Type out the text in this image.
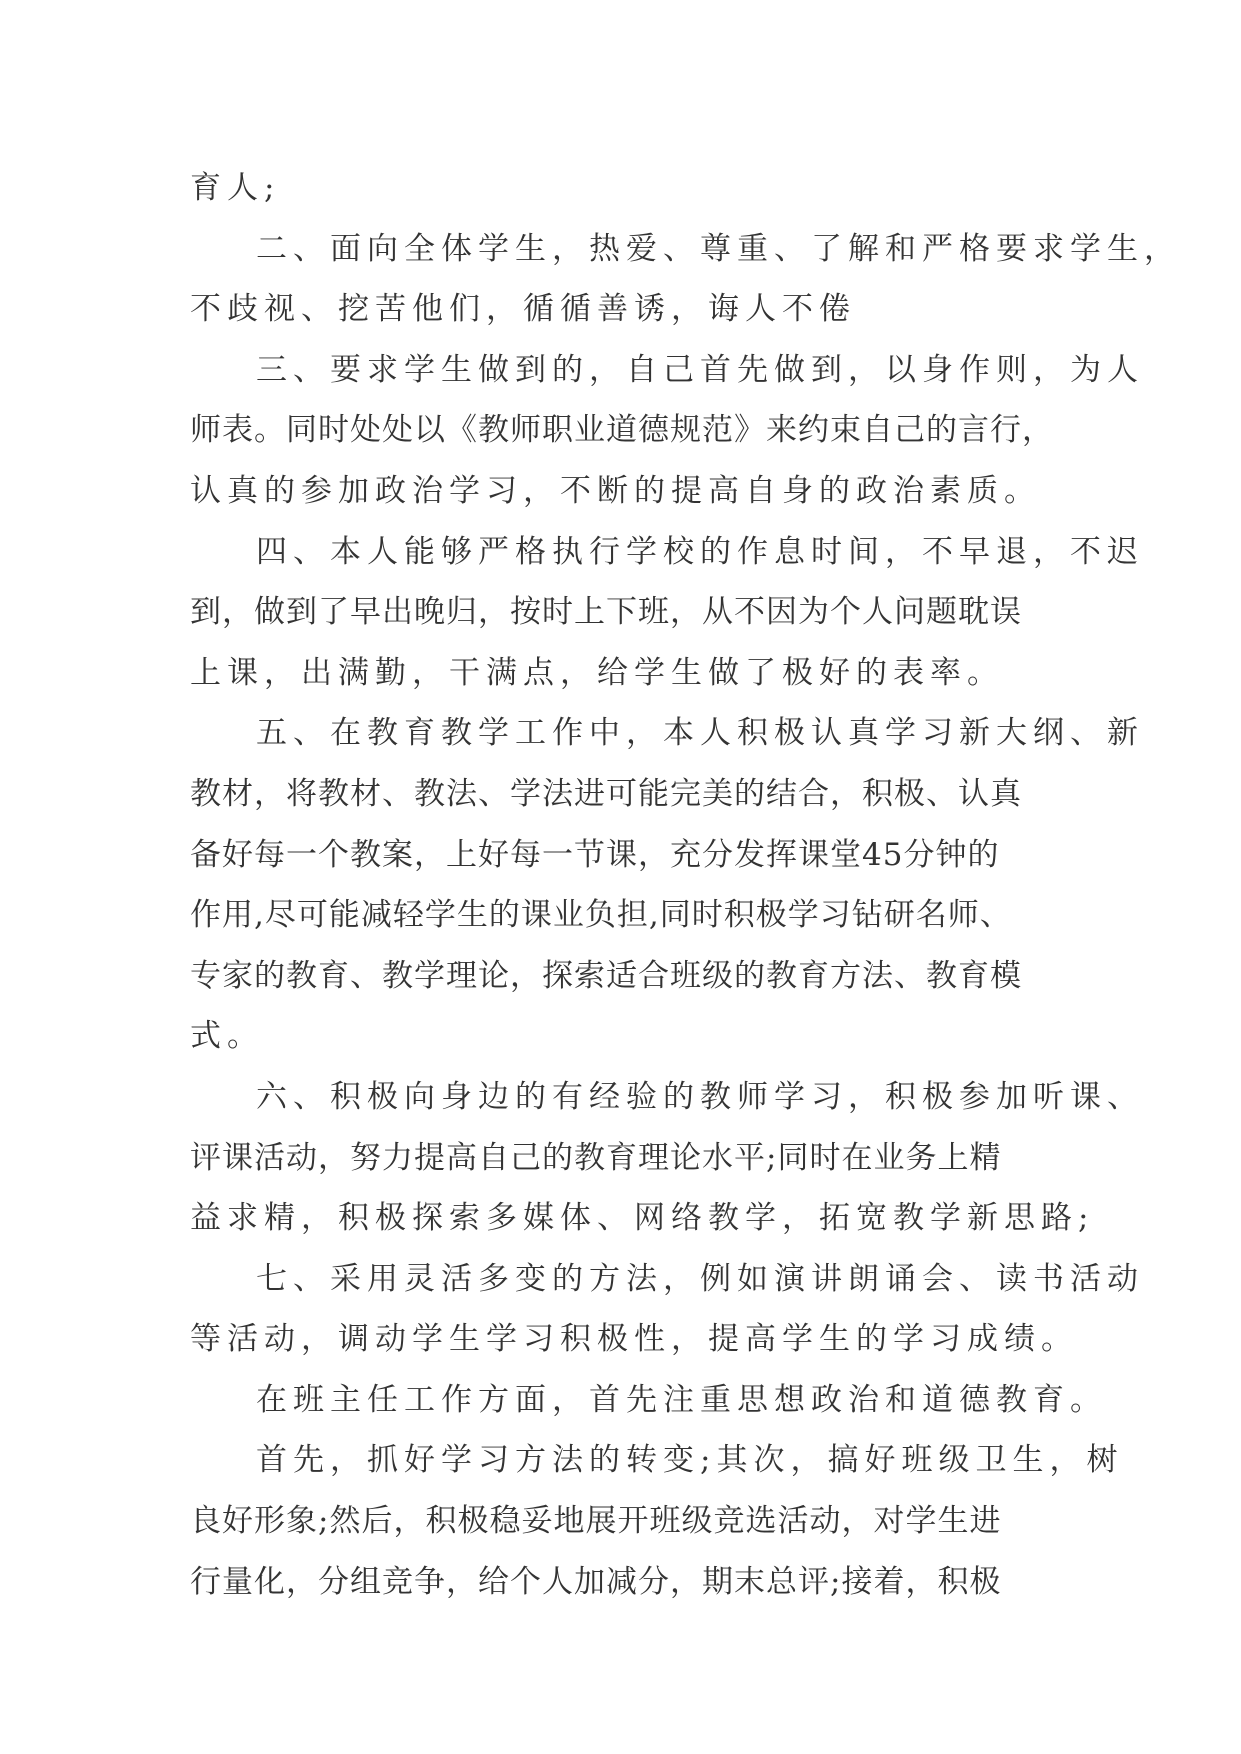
育人;
二、面向全体学生，热爱、尊重、了解和严格要求学生，
不歧视、挖苦他们，循循善诱，诲人不倦
三、要求学生做到的，自己首先做到，以身作则，为人
师表。同时处处以《教师职业道德规范》来约束自己的言行，
认真的参加政治学习，不断的提高自身的政治素质。
四、本人能够严格执行学校的作息时间，不早退，不迟
到，做到了早出晚归，按时上下班，从不因为个人问题耽误
上课，出满勤，干满点，给学生做了极好的表率。
五、在教育教学工作中，本人积极认真学习新大纲、新
教材，将教材、教法、学法进可能完美的结合，积极、认真
备好每一个教案，上好每一节课，充分发挥课堂45分钟的
作用,尽可能减轻学生的课业负担,同时积极学习钻研名师、
专家的教育、教学理论，探索适合班级的教育方法、教育模
式。
六、积极向身边的有经验的教师学习，积极参加听课、
评课活动，努力提高自己的教育理论水平;同时在业务上精
益求精，积极探索多媒体、网络教学，拓宽教学新思路;
七、采用灵活多变的方法，例如演讲朗诵会、读书活动
等活动，调动学生学习积极性，提高学生的学习成绩。
在班主任工作方面，首先注重思想政治和道德教育。
首先，抓好学习方法的转变;其次，搞好班级卫生，树
良好形象;然后，积极稳妥地展开班级竞选活动，对学生进
行量化，分组竞争，给个人加减分，期末总评;接着，积极
